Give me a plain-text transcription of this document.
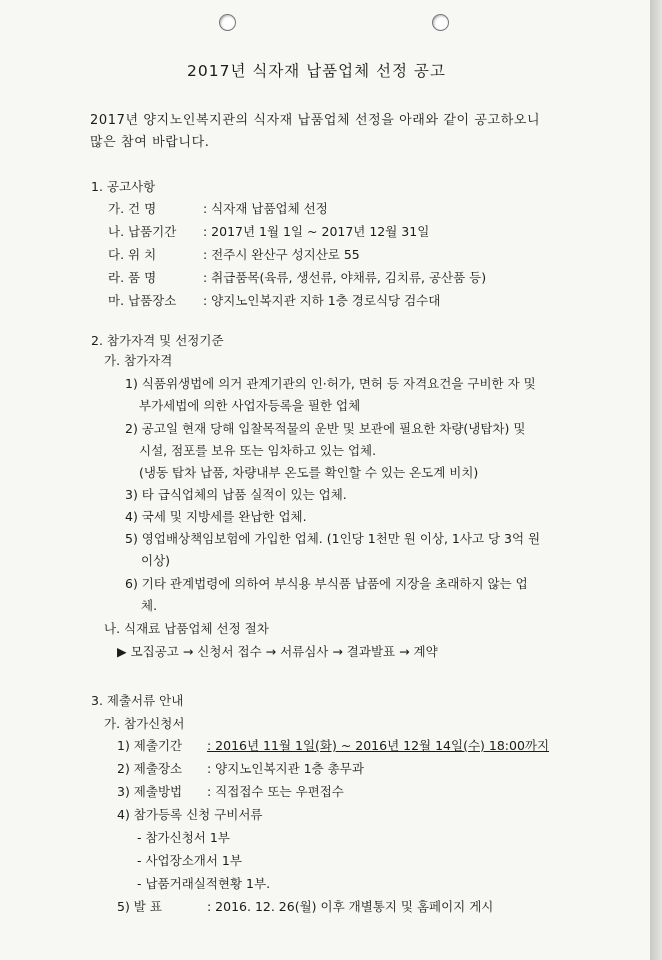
2017년 식자재 납품업체 선정 공고
2017년 양지노인복지관의 식자재 납품업체 선정을 아래와 같이 공고하오니
많은 참여 바랍니다.
1. 공고사항
가. 건 명	: 식자재 납품업체 선정
나. 납품기간 : 2017년 1월 1일 ~ 2017년 12월 31일
다. 위 치	: 전주시 완산구 성지산로 55
라. 품 명	: 취급품목(육류, 생선류, 야채류, 김치류, 공산품 등)
마. 납품장소 : 양지노인복지관 지하 1층 경로식당 검수대
2. 참가자격 및 선정기준
가. 참가자격
1) 식품위생법에 의거 관계기관의 인·허가, 면허 등 자격요건을 구비한 자 및
부가세법에 의한 사업자등록을 필한 업체
2) 공고일 현재 당해 입찰목적물의 운반 및 보관에 필요한 차량(냉탑차) 및
시설, 점포를 보유 또는 임차하고 있는 업체.
(냉동 탑차 납품, 차량내부 온도를 확인할 수 있는 온도계 비치)
3) 타 급식업체의 납품 실적이 있는 업체.
4) 국세 및 지방세를 완납한 업체.
5) 영업배상책임보험에 가입한 업체. (1인당 1천만 원 이상, 1사고 당 3억 원
이상)
6) 기타 관계법령에 의하여 부식용 부식품 납품에 지장을 초래하지 않는 업
체.
나. 식재료 납품업체 선정 절차
▶ 모집공고 → 신청서 접수 → 서류심사 → 결과발표 → 계약
3. 제출서류 안내
가. 참가신청서
1) 제출기간 : 2016년 11월 1일(화) ~ 2016년 12월 14일(수) 18:00까지
2) 제출장소 : 양지노인복지관 1층 총무과
3) 제출방법 : 직접접수 또는 우편접수
4) 참가등록 신청 구비서류
- 참가신청서 1부
- 사업장소개서 1부
- 납품거래실적현황 1부.
5) 발 표	: 2016. 12. 26(월) 이후 개별통지 및 홈페이지 게시
